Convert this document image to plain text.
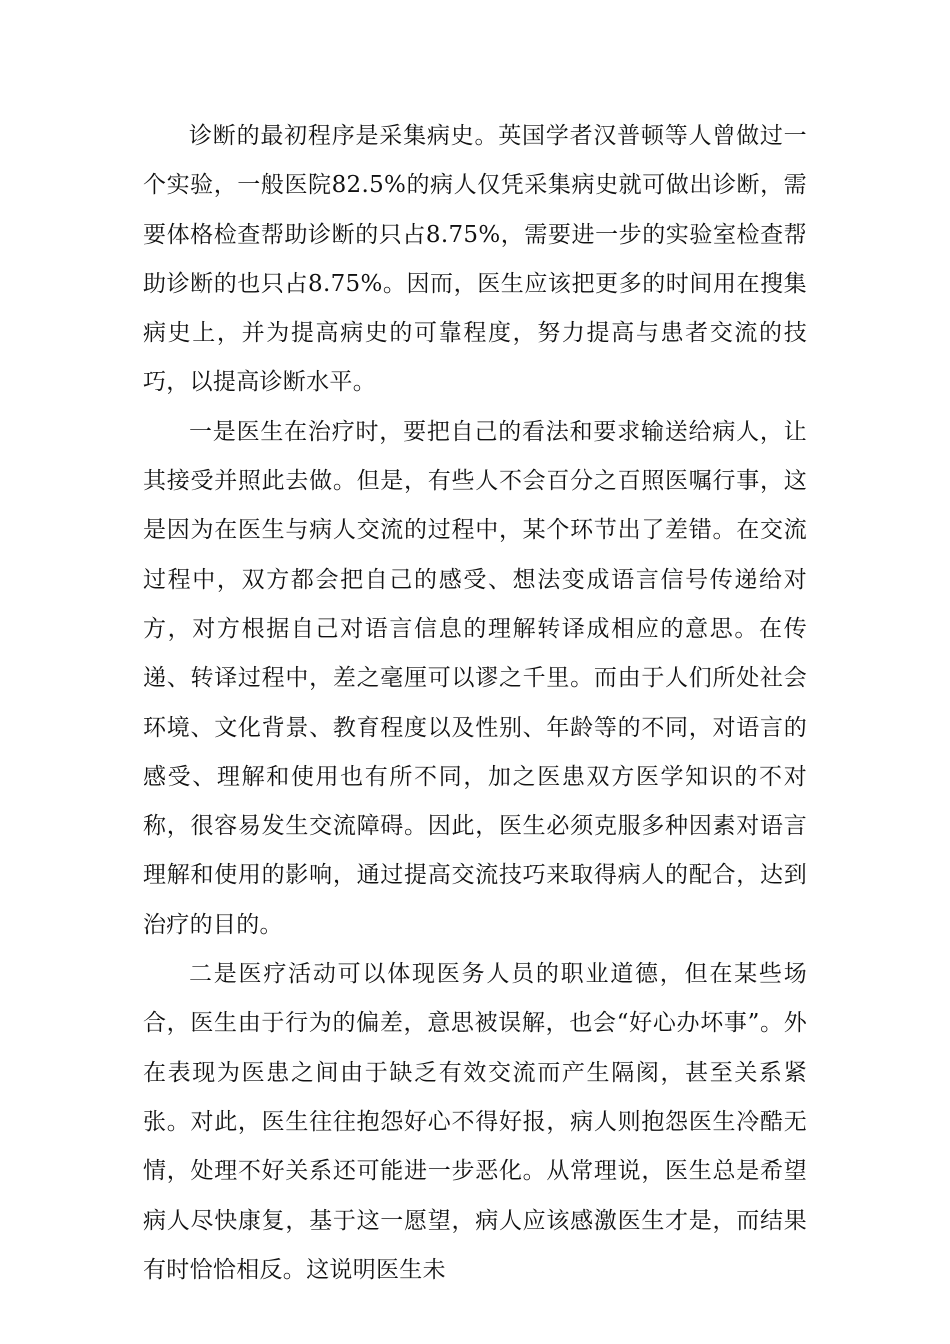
诊断的最初程序是采集病史。英国学者汉普顿等人曾做过一个实验，一般医院82.5%的病人仅凭采集病史就可做出诊断，需要体格检查帮助诊断的只占8.75%，需要进一步的实验室检查帮助诊断的也只占8.75%。因而，医生应该把更多的时间用在搜集病史上，并为提高病史的可靠程度，努力提高与患者交流的技巧，以提高诊断水平。

一是医生在治疗时，要把自己的看法和要求输送给病人，让其接受并照此去做。但是，有些人不会百分之百照医嘱行事，这是因为在医生与病人交流的过程中，某个环节出了差错。在交流过程中，双方都会把自己的感受、想法变成语言信号传递给对方，对方根据自己对语言信息的理解转译成相应的意思。在传递、转译过程中，差之毫厘可以谬之千里。而由于人们所处社会环境、文化背景、教育程度以及性别、年龄等的不同，对语言的感受、理解和使用也有所不同，加之医患双方医学知识的不对称，很容易发生交流障碍。因此，医生必须克服多种因素对语言理解和使用的影响，通过提高交流技巧来取得病人的配合，达到治疗的目的。

二是医疗活动可以体现医务人员的职业道德，但在某些场合，医生由于行为的偏差，意思被误解，也会“好心办坏事”。外在表现为医患之间由于缺乏有效交流而产生隔阂，甚至关系紧张。对此，医生往往抱怨好心不得好报，病人则抱怨医生冷酷无情，处理不好关系还可能进一步恶化。从常理说，医生总是希望病人尽快康复，基于这一愿望，病人应该感激医生才是，而结果有时恰恰相反。这说明医生未
